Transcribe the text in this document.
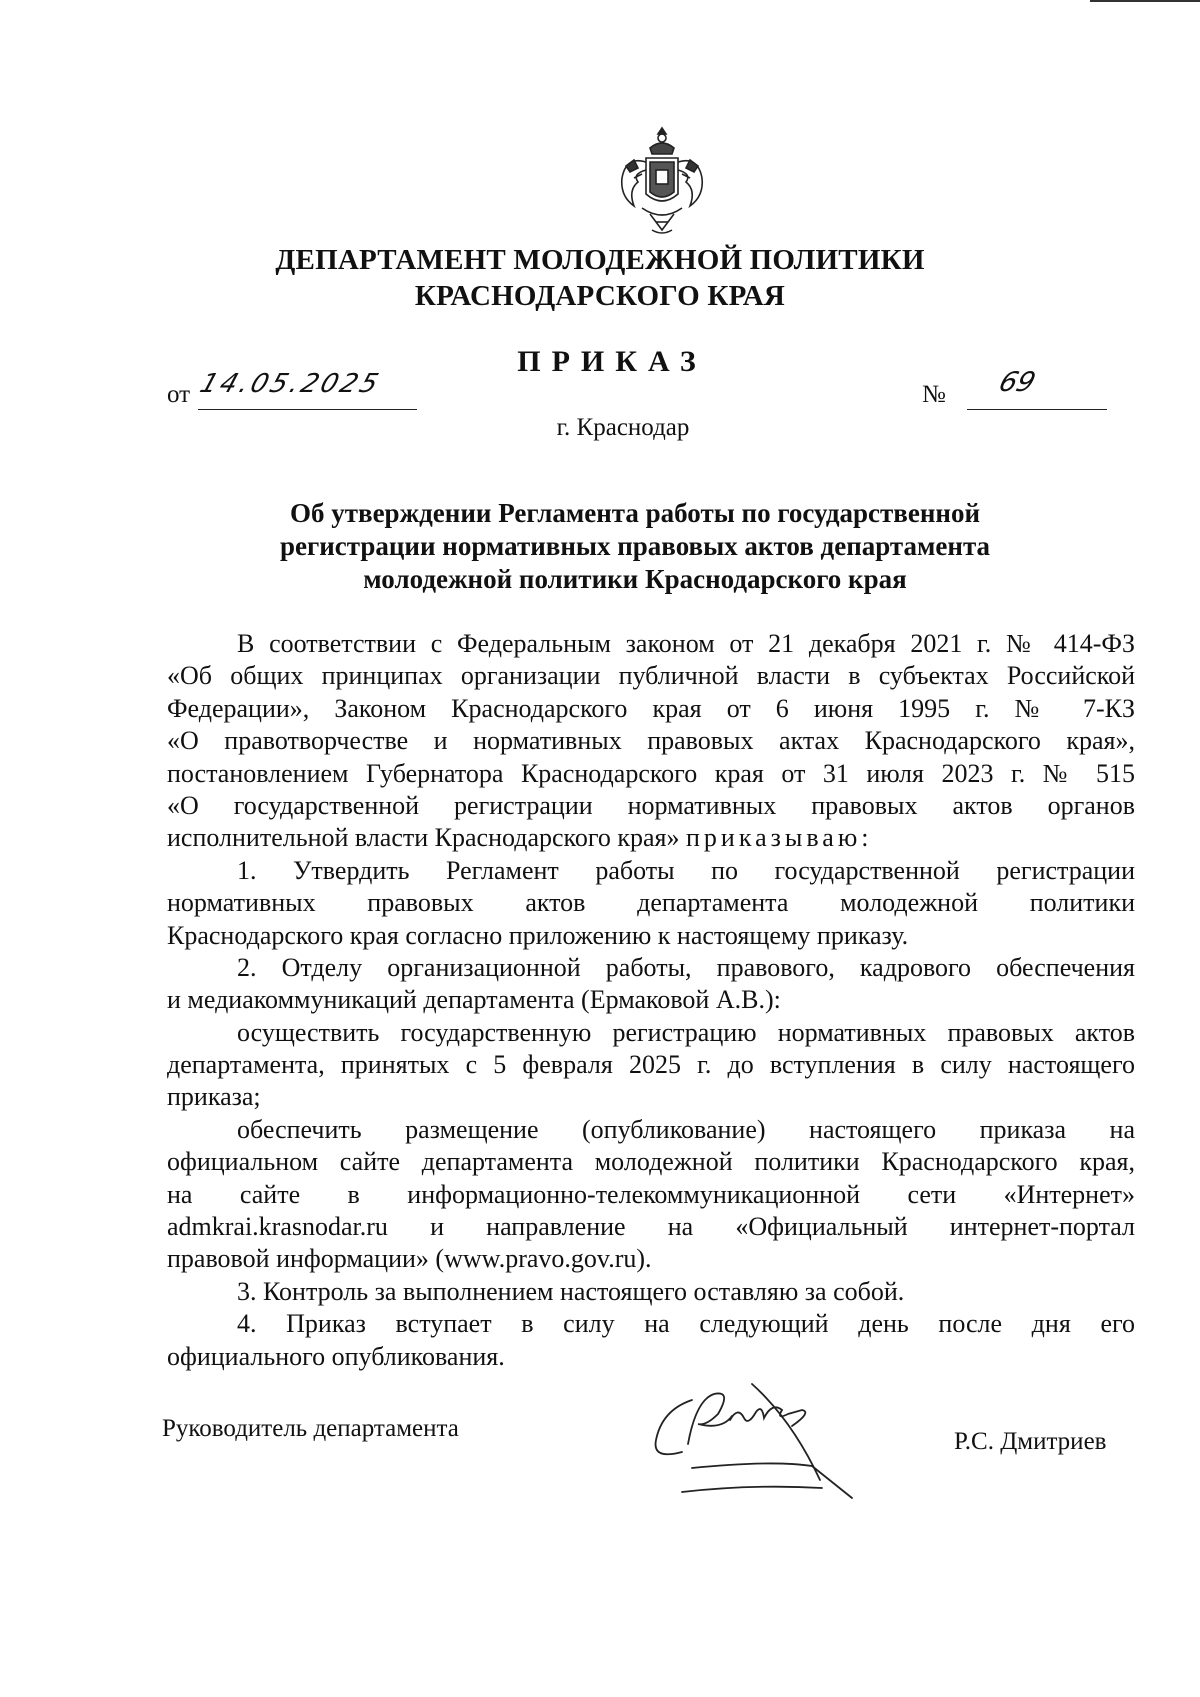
ДЕПАРТАМЕНТ МОЛОДЕЖНОЙ ПОЛИТИКИ
КРАСНОДАРСКОГО КРАЯ
ПРИКАЗ
от 14.05.2025	№ 69
г. Краснодар
Об утверждении Регламента работы по государственной
регистрации нормативных правовых актов департамента
молодежной политики Краснодарского края
В соответствии с Федеральным законом от 21 декабря 2021 г. № 414-ФЗ
«Об общих принципах организации публичной власти в субъектах Российской
Федерации», Законом Краснодарского края от 6 июня 1995 г. № 7-КЗ
«О правотворчестве и нормативных правовых актах Краснодарского края»,
постановлением Губернатора Краснодарского края от 31 июля 2023 г. № 515
«О государственной регистрации нормативных правовых актов органов
исполнительной власти Краснодарского края» приказываю:
1. Утвердить Регламент работы по государственной регистрации
нормативных правовых актов департамента молодежной политики
Краснодарского края согласно приложению к настоящему приказу.
2. Отделу организационной работы, правового, кадрового обеспечения
и медиакоммуникаций департамента (Ермаковой А.В.):
осуществить государственную регистрацию нормативных правовых актов
департамента, принятых с 5 февраля 2025 г. до вступления в силу настоящего
приказа;
обеспечить размещение (опубликование) настоящего приказа на
официальном сайте департамента молодежной политики Краснодарского края,
на сайте в информационно-телекоммуникационной сети «Интернет»
admkrai.krasnodar.ru и направление на «Официальный интернет-портал
правовой информации» (www.pravo.gov.ru).
3. Контроль за выполнением настоящего оставляю за собой.
4. Приказ вступает в силу на следующий день после дня его
официального опубликования.
Руководитель департамента	Р.С. Дмитриев
